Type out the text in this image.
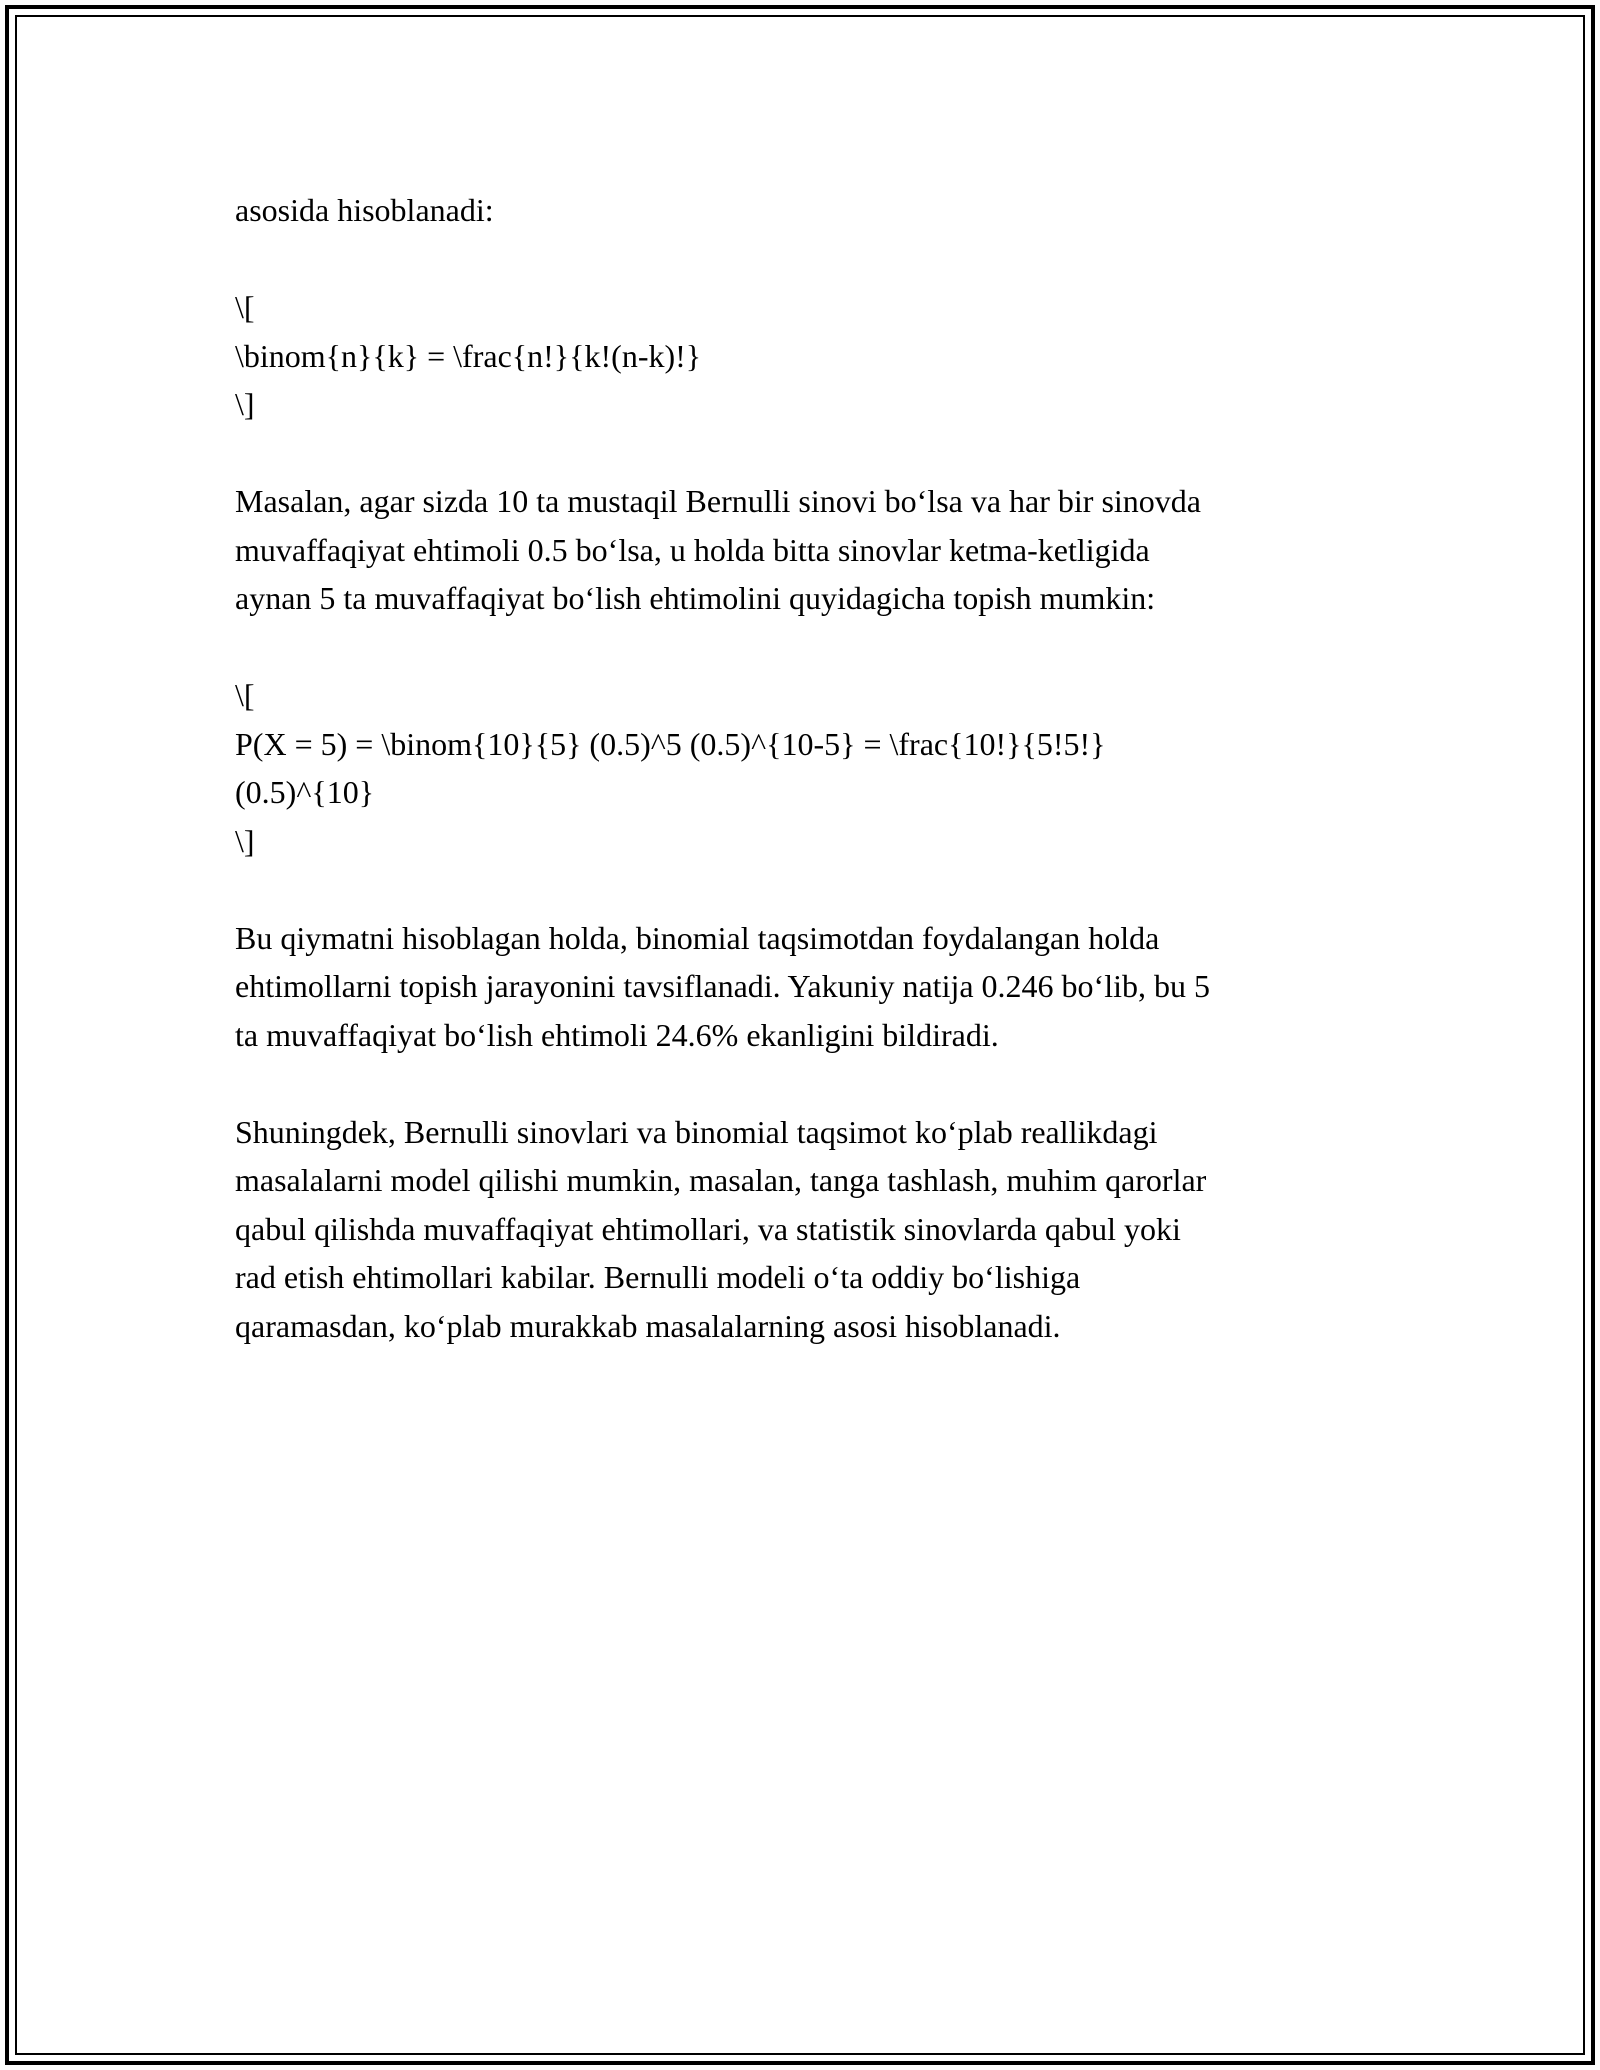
asosida hisoblanadi:
\[
\binom{n}{k} = \frac{n!}{k!(n-k)!}
\]
Masalan, agar sizda 10 ta mustaqil Bernulli sinovi bo‘lsa va har bir sinovda
muvaffaqiyat ehtimoli 0.5 bo‘lsa, u holda bitta sinovlar ketma-ketligida
aynan 5 ta muvaffaqiyat bo‘lish ehtimolini quyidagicha topish mumkin:
\[
P(X = 5) = \binom{10}{5} (0.5)^5 (0.5)^{10-5} = \frac{10!}{5!5!}
(0.5)^{10}
\]
Bu qiymatni hisoblagan holda, binomial taqsimotdan foydalangan holda
ehtimollarni topish jarayonini tavsiflanadi. Yakuniy natija 0.246 bo‘lib, bu 5
ta muvaffaqiyat bo‘lish ehtimoli 24.6% ekanligini bildiradi.
Shuningdek, Bernulli sinovlari va binomial taqsimot ko‘plab reallikdagi
masalalarni model qilishi mumkin, masalan, tanga tashlash, muhim qarorlar
qabul qilishda muvaffaqiyat ehtimollari, va statistik sinovlarda qabul yoki
rad etish ehtimollari kabilar. Bernulli modeli o‘ta oddiy bo‘lishiga
qaramasdan, ko‘plab murakkab masalalarning asosi hisoblanadi.
